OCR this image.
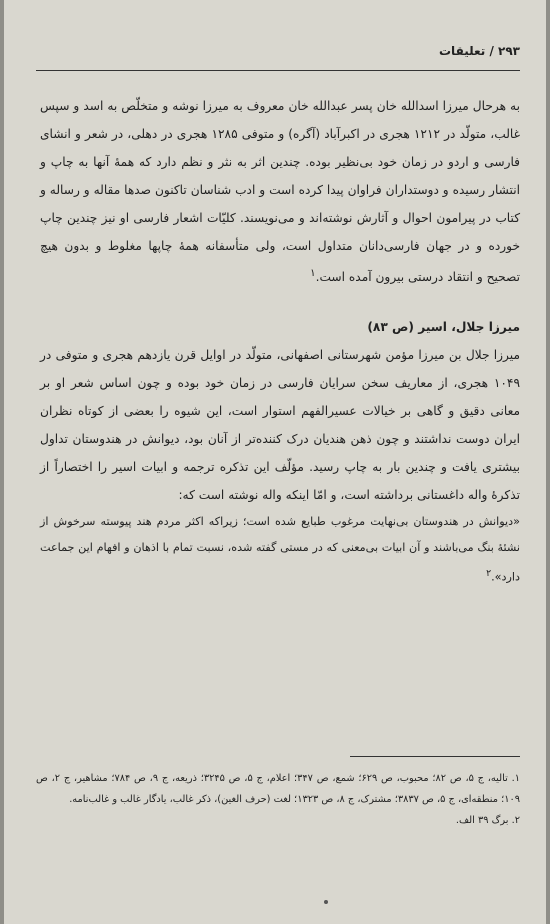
۲۹۳ / تعلیقات

به هرحال میرزا اسدالله خان پسر عبدالله خان معروف به میرزا نوشه و متخلّص به اسد و سپس غالب، متولّد در ۱۲۱۲ هجری در اکبرآباد (آگره) و متوفی ۱۲۸۵ هجری در دهلی، در شعر و انشای فارسی و اردو در زمان خود بی‌نظیر بوده. چندین اثر به نثر و نظم دارد که همهٔ آنها به چاپ و انتشار رسیده و دوستداران فراوان پیدا کرده است و ادب شناسان تاکنون صدها مقاله و رساله و کتاب در پیرامون احوال و آثارش نوشته‌اند و می‌نویسند. کلیّات اشعار فارسی او نیز چندین چاپ خورده و در جهان فارسی‌دانان متداول است، ولی متأسفانه همهٔ چاپها مغلوط و بدون هیچ تصحیح و انتقاد درستی بیرون آمده است.$^۱$

میرزا جلال، اسیر (ص ۸۳)

میرزا جلال بن میرزا مؤمن شهرستانی اصفهانی، متولّد در اوایل قرن یازدهم هجری و متوفی در ۱۰۴۹ هجری، از معاریف سخن سرایان فارسی در زمان خود بوده و چون اساس شعر او بر معانی دقیق و گاهی بر خیالات عسیرالفهم استوار است، این شیوه را بعضی از کوتاه نظران ایران دوست نداشتند و چون ذهن هندیان درک کننده‌تر از آنان بود، دیوانش در هندوستان تداول بیشتری یافت و چندین بار به چاپ رسید. مؤلّف این تذکره ترجمه و ابیات اسیر را اختصاراً از تذکرهٔ واله داغستانی برداشته است، و امّا اینکه واله نوشته است که:

«دیوانش در هندوستان بی‌نهایت مرغوب طبایع شده است؛ زیراکه اکثر مردم هند پیوسته سرخوش از نشئهٔ بنگ می‌باشند و آن ابیات بی‌معنی که در مستی گفته شده، نسبت تمام با اذهان و افهام این جماعت دارد».$^۲$

۱. تالیه، ج ۵، ص ۸۲؛ محبوب، ص ۶۲۹؛ شمع، ص ۳۴۷؛ اعلام، ج ۵، ص ۳۲۴۵؛ ذریعه، ج ۹، ص ۷۸۴؛ مشاهیر، ج ۲، ص ۱۰۹؛ منطقه‌ای، ج ۵، ص ۳۸۳۷؛ مشترک، ج ۸، ص ۱۳۲۳؛ لغت (حرف الغین)، ذکر غالب، یادگار غالب و غالب‌نامه.

۲. برگ ۳۹ الف.
